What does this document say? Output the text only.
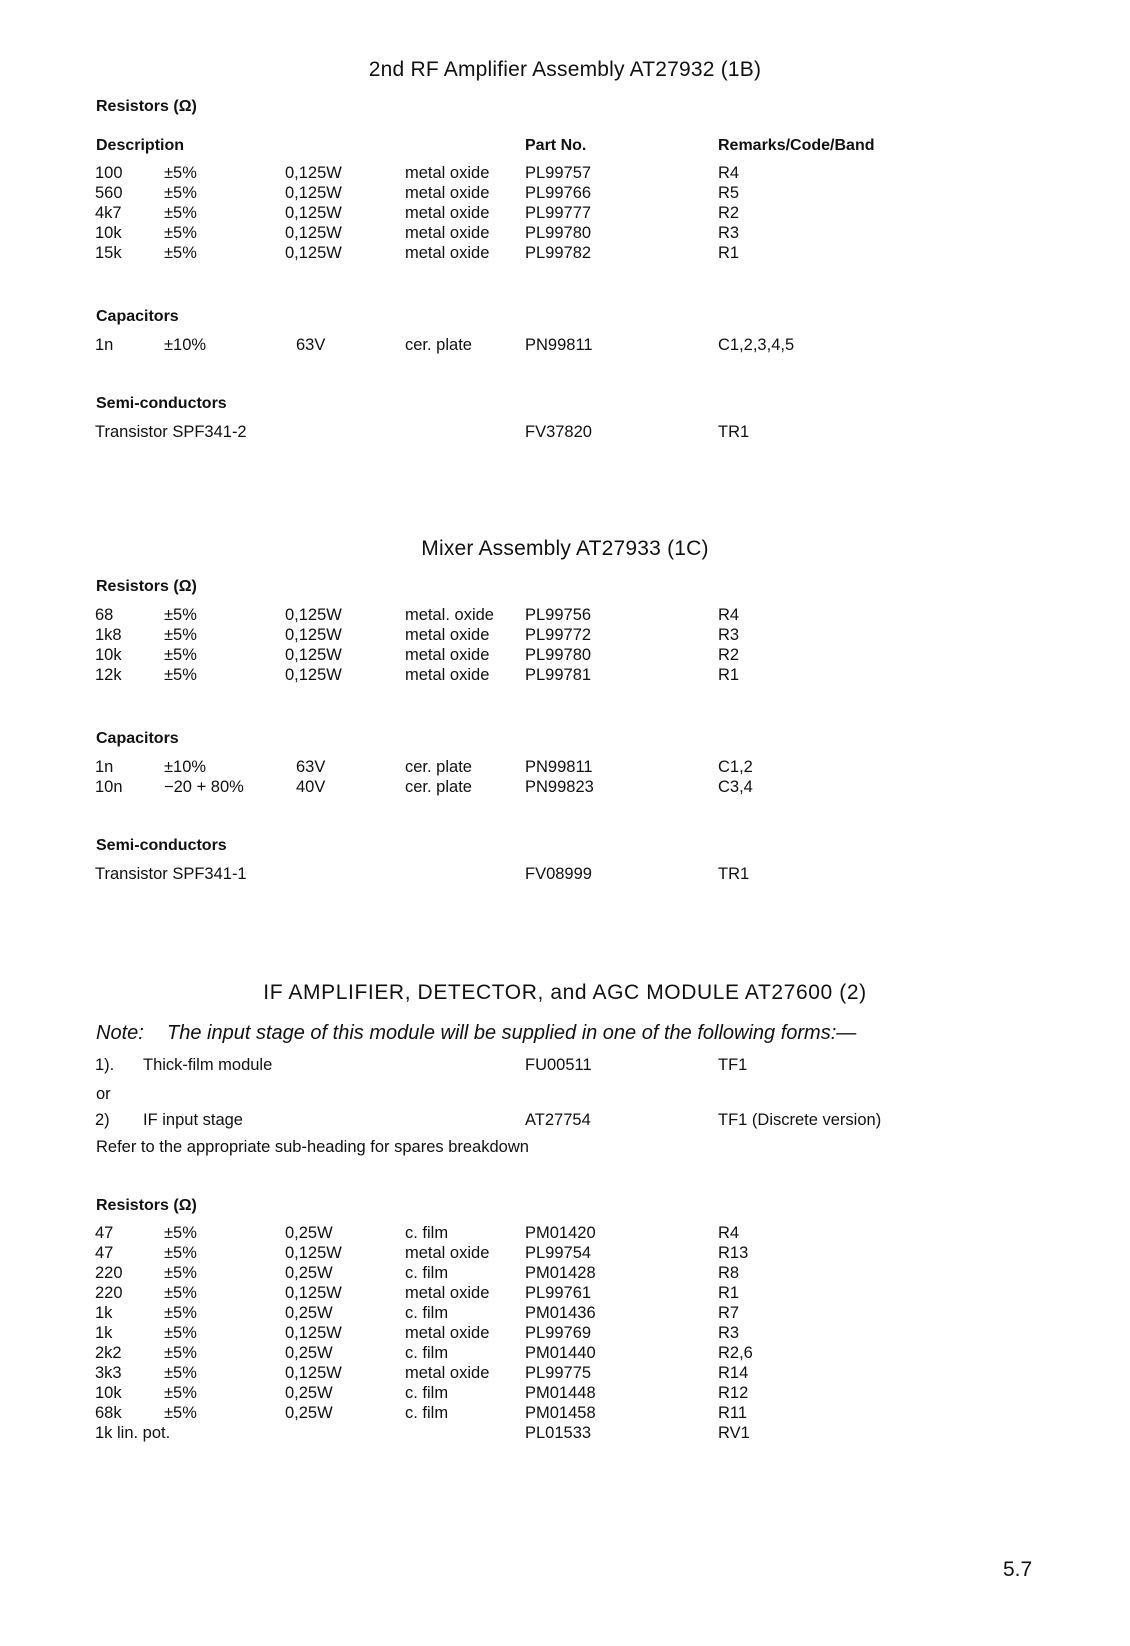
2nd RF Amplifier Assembly AT27932 (1B)

Resistors (Ω)

Description	Part No.	Remarks/Code/Band

100	±5%	0,125W	metal oxide PL99757	R4
560	±5%	0,125W	metal oxide PL99766	R5
4k7	±5%	0,125W	metal oxide PL99777	R2
10k	±5%	0,125W	metal oxide PL99780	R3
15k	±5%	0,125W	metal oxide PL99782	R1

Capacitors

1n	±10%	63V	cer. plate	PN99811	C1,2,3,4,5

Semi-conductors

Transistor SPF341-2	FV37820	TR1
Mixer Assembly AT27933 (1C)

Resistors (Ω)

68	±5%	0,125W	metal. oxide PL99756	R4
1k8	±5%	0,125W	metal oxide PL99772	R3
10k	±5%	0,125W	metal oxide PL99780	R2
12k	±5%	0,125W	metal oxide PL99781	R1

Capacitors

1n	±10%	63V	cer. plate	PN99811	C1,2
10n	−20 + 80%	40V	cer. plate	PN99823	C3,4

Semi-conductors

Transistor SPF341-1	FV08999	TR1
IF AMPLIFIER, DETECTOR, and AGC MODULE AT27600 (2)
Note: The input stage of this module will be supplied in one of the following forms:—
1). Thick-film module	FU00511	TF1

or

2) IF input stage	AT27754	TF1 (Discrete version)

Refer to the appropriate sub-heading for spares breakdown

Resistors (Ω)

47	±5%	0,25W	c. film	PM01420	R4
47	±5%	0,125W	metal oxide PL99754	R13
220	±5%	0,25W	c. film	PM01428	R8
220	±5%	0,125W	metal oxide PL99761	R1
1k	±5%	0,25W	c. film	PM01436	R7
1k	±5%	0,125W	metal oxide PL99769	R3
2k2	±5%	0,25W	c. film	PM01440	R2,6
3k3	±5%	0,125W	metal oxide PL99775	R14
10k	±5%	0,25W	c. film	PM01448	R12
68k	±5%	0,25W	c. film	PM01458	R11
1k lin. pot.	PL01533	RV1

5.7
